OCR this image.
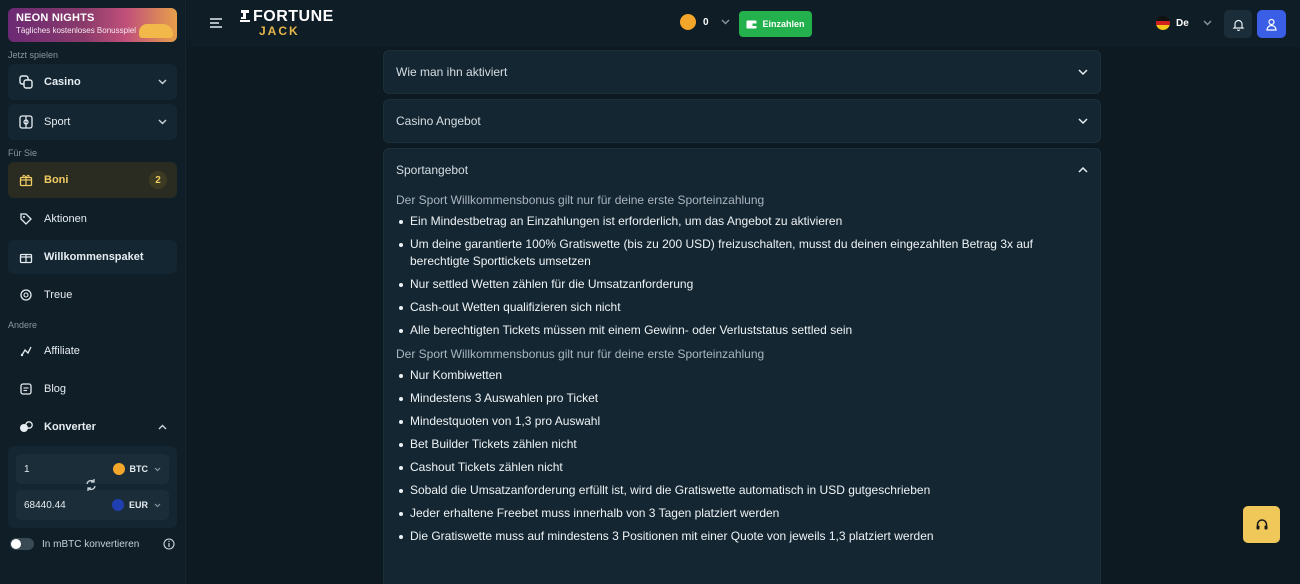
NEON NIGHTS
Tägliches kostenloses Bonusspiel
Jetzt spielen
Casino
Sport
Für Sie
Boni	2
Aktionen
Willkommenspaket
Treue
Andere
Affiliate
Blog
Konverter
1	BTC
68440.44	EUR
In mBTC konvertieren
FORTUNE
JACK
0	Einzahlen	De
Wie man ihn aktiviert
Casino Angebot
Sportangebot
Der Sport Willkommensbonus gilt nur für deine erste Sporteinzahlung
Ein Mindestbetrag an Einzahlungen ist erforderlich, um das Angebot zu aktivieren
Um deine garantierte 100% Gratiswette (bis zu 200 USD) freizuschalten, musst du deinen eingezahlten Betrag 3x auf berechtigte Sporttickets umsetzen
Nur settled Wetten zählen für die Umsatzanforderung
Cash-out Wetten qualifizieren sich nicht
Alle berechtigten Tickets müssen mit einem Gewinn- oder Verluststatus settled sein
Der Sport Willkommensbonus gilt nur für deine erste Sporteinzahlung
Nur Kombiwetten
Mindestens 3 Auswahlen pro Ticket
Mindestquoten von 1,3 pro Auswahl
Bet Builder Tickets zählen nicht
Cashout Tickets zählen nicht
Sobald die Umsatzanforderung erfüllt ist, wird die Gratiswette automatisch in USD gutgeschrieben
Jeder erhaltene Freebet muss innerhalb von 3 Tagen platziert werden
Die Gratiswette muss auf mindestens 3 Positionen mit einer Quote von jeweils 1,3 platziert werden
